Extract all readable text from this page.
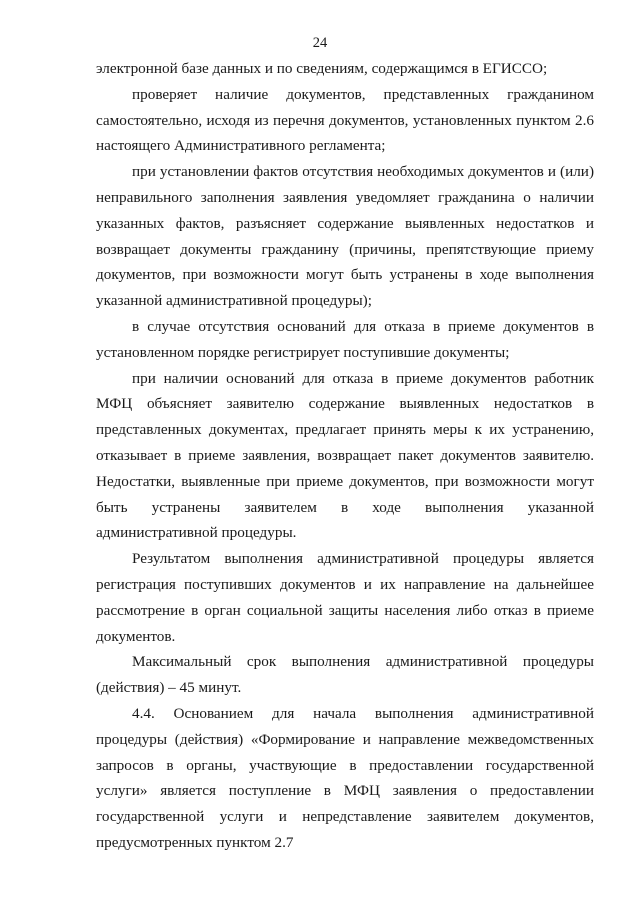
24

электронной базе данных и по сведениям, содержащимся в ЕГИССО;

проверяет наличие документов, представленных гражданином самостоятельно, исходя из перечня документов, установленных пунктом 2.6 настоящего Административного регламента;

при установлении фактов отсутствия необходимых документов и (или) неправильного заполнения заявления уведомляет гражданина о наличии указанных фактов, разъясняет содержание выявленных недостатков и возвращает документы гражданину (причины, препятствующие приему документов, при возможности могут быть устранены в ходе выполнения указанной административной процедуры);

в случае отсутствия оснований для отказа в приеме документов в установленном порядке регистрирует поступившие документы;

при наличии оснований для отказа в приеме документов работник МФЦ объясняет заявителю содержание выявленных недостатков в представленных документах, предлагает принять меры к их устранению, отказывает в приеме заявления, возвращает пакет документов заявителю. Недостатки, выявленные при приеме документов, при возможности могут быть устранены заявителем в ходе выполнения указанной административной процедуры.

Результатом выполнения административной процедуры является регистрация поступивших документов и их направление на дальнейшее рассмотрение в орган социальной защиты населения либо отказ в приеме документов.

Максимальный срок выполнения административной процедуры (действия) – 45 минут.

4.4. Основанием для начала выполнения административной процедуры (действия) «Формирование и направление межведомственных запросов в органы, участвующие в предоставлении государственной услуги» является поступление в МФЦ заявления о предоставлении государственной услуги и непредставление заявителем документов, предусмотренных пунктом 2.7
